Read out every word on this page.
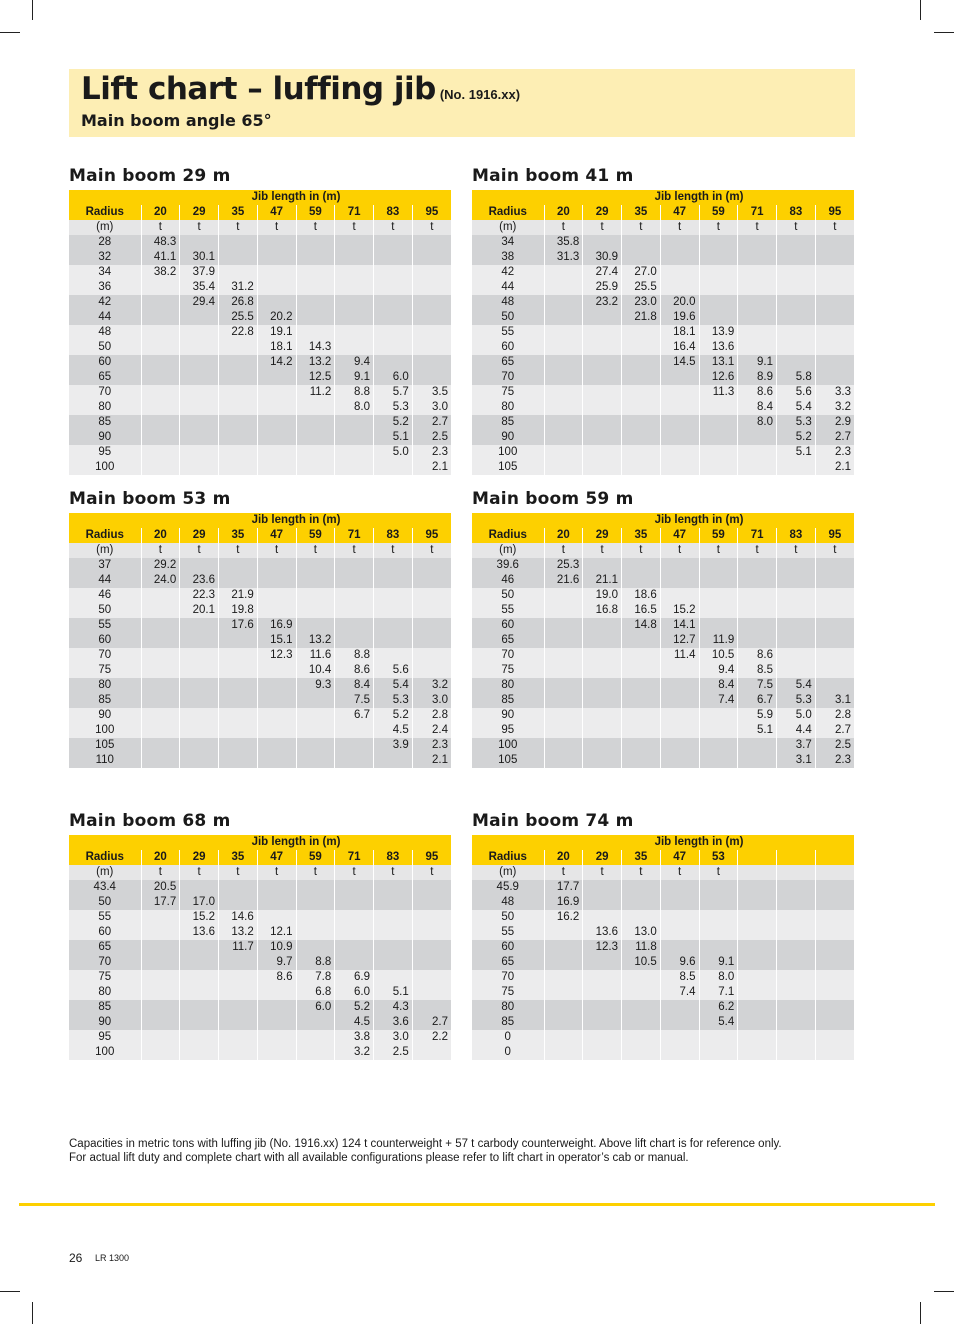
Lift chart – luffing jib (No. 1916.xx)
Main boom angle 65°
Main boom 29 m
	Jib length in (m)							
Radius	20	29	35	47	59	71	83	95
(m)	t	t	t	t	t	t	t	t
28	48.3							
32	41.1	30.1						
34	38.2	37.9						
36		35.4	31.2					
42		29.4	26.8					
44			25.5	20.2				
48			22.8	19.1				
50				18.1	14.3			
60				14.2	13.2	9.4		
65					12.5	9.1	6.0	
70					11.2	8.8	5.7	3.5
80						8.0	5.3	3.0
85							5.2	2.7
90							5.1	2.5
95							5.0	2.3
100								2.1
Main boom 41 m
	Jib length in (m)							
Radius	20	29	35	47	59	71	83	95
(m)	t	t	t	t	t	t	t	t
34	35.8							
38	31.3	30.9						
42		27.4	27.0					
44		25.9	25.5					
48		23.2	23.0	20.0				
50			21.8	19.6				
55				18.1	13.9			
60				16.4	13.6			
65				14.5	13.1	9.1		
70					12.6	8.9	5.8	
75					11.3	8.6	5.6	3.3
80						8.4	5.4	3.2
85						8.0	5.3	2.9
90							5.2	2.7
100							5.1	2.3
105								2.1
Main boom 53 m
	Jib length in (m)							
Radius	20	29	35	47	59	71	83	95
(m)	t	t	t	t	t	t	t	t
37	29.2							
44	24.0	23.6						
46		22.3	21.9					
50		20.1	19.8					
55			17.6	16.9				
60				15.1	13.2			
70				12.3	11.6	8.8		
75					10.4	8.6	5.6	
80					9.3	8.4	5.4	3.2
85						7.5	5.3	3.0
90						6.7	5.2	2.8
100							4.5	2.4
105							3.9	2.3
110								2.1
Main boom 59 m
	Jib length in (m)							
Radius	20	29	35	47	59	71	83	95
(m)	t	t	t	t	t	t	t	t
39.6	25.3							
46	21.6	21.1						
50		19.0	18.6					
55		16.8	16.5	15.2				
60			14.8	14.1				
65				12.7	11.9			
70				11.4	10.5	8.6		
75					9.4	8.5		
80					8.4	7.5	5.4	
85					7.4	6.7	5.3	3.1
90						5.9	5.0	2.8
95						5.1	4.4	2.7
100							3.7	2.5
105							3.1	2.3
Main boom 68 m
	Jib length in (m)							
Radius	20	29	35	47	59	71	83	95
(m)	t	t	t	t	t	t	t	t
43.4	20.5							
50	17.7	17.0						
55		15.2	14.6					
60		13.6	13.2	12.1				
65			11.7	10.9				
70				9.7	8.8			
75				8.6	7.8	6.9		
80					6.8	6.0	5.1	
85					6.0	5.2	4.3	
90						4.5	3.6	2.7
95						3.8	3.0	2.2
100						3.2	2.5	
Main boom 74 m
	Jib length in (m)							
Radius	20	29	35	47	53			
(m)	t	t	t	t	t			
45.9	17.7							
48	16.9							
50	16.2							
55		13.6	13.0					
60		12.3	11.8					
65			10.5	9.6	9.1			
70				8.5	8.0			
75				7.4	7.1			
80					6.2			
85					5.4			
0								
0								
Capacities in metric tons with luffing jib (No. 1916.xx) 124 t counterweight + 57 t carbody counterweight. Above lift chart is for reference only.
For actual lift duty and complete chart with all available configurations please refer to lift chart in operator’s cab or manual.
26 LR 1300
